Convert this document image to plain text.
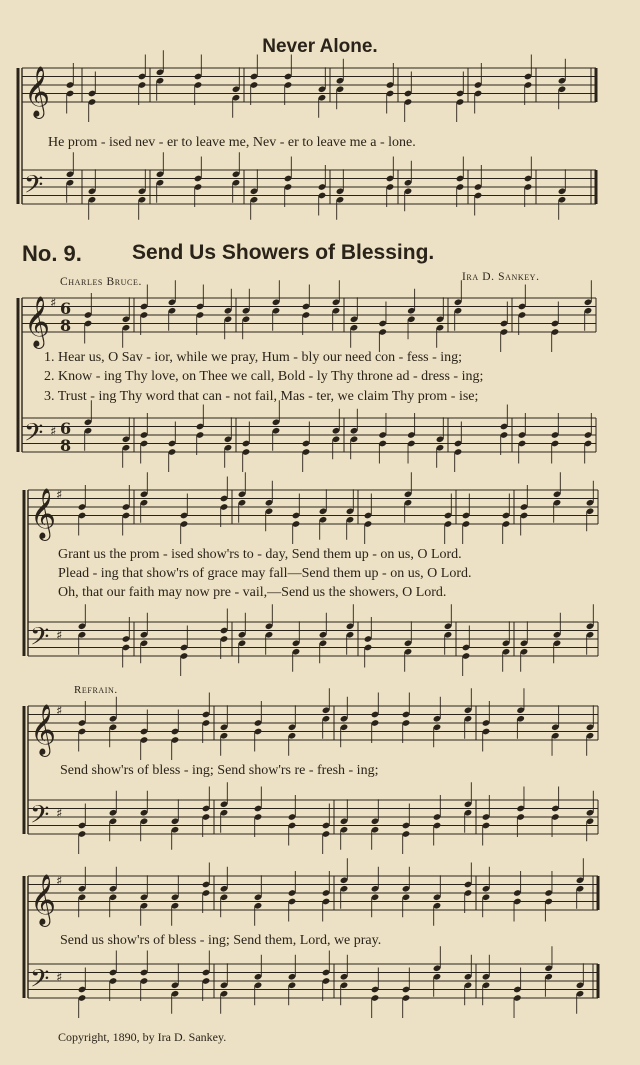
𝄞
𝄢
𝄞 ♯ 6
8
𝄢 ♯ 6
8
𝄞 ♯
𝄢 ♯
𝄞 ♯
𝄢 ♯
𝄞 ♯
𝄢 ♯
Never Alone.
He prom - ised nev - er to leave me, Nev - er to leave me a - lone.
No. 9. Send Us Showers of Blessing.
Charles Bruce.	Ira D. Sankey.
1. Hear us, O Sav - ior, while we pray, Hum - bly our need con - fess - ing;
2. Know - ing Thy love, on Thee we call, Bold - ly Thy throne ad - dress - ing;
3. Trust - ing Thy word that can - not fail, Mas - ter, we claim Thy prom - ise;
Grant us the prom - ised show'rs to - day, Send them up - on us, O Lord.
Plead - ing that show'rs of grace may fall—Send them up - on us, O Lord.
Oh, that our faith may now pre - vail,—Send us the showers, O Lord.
Refrain.
Send show'rs of bless - ing; Send show'rs re - fresh - ing;
Send us show'rs of bless - ing; Send them, Lord, we pray.
Copyright, 1890, by Ira D. Sankey.
